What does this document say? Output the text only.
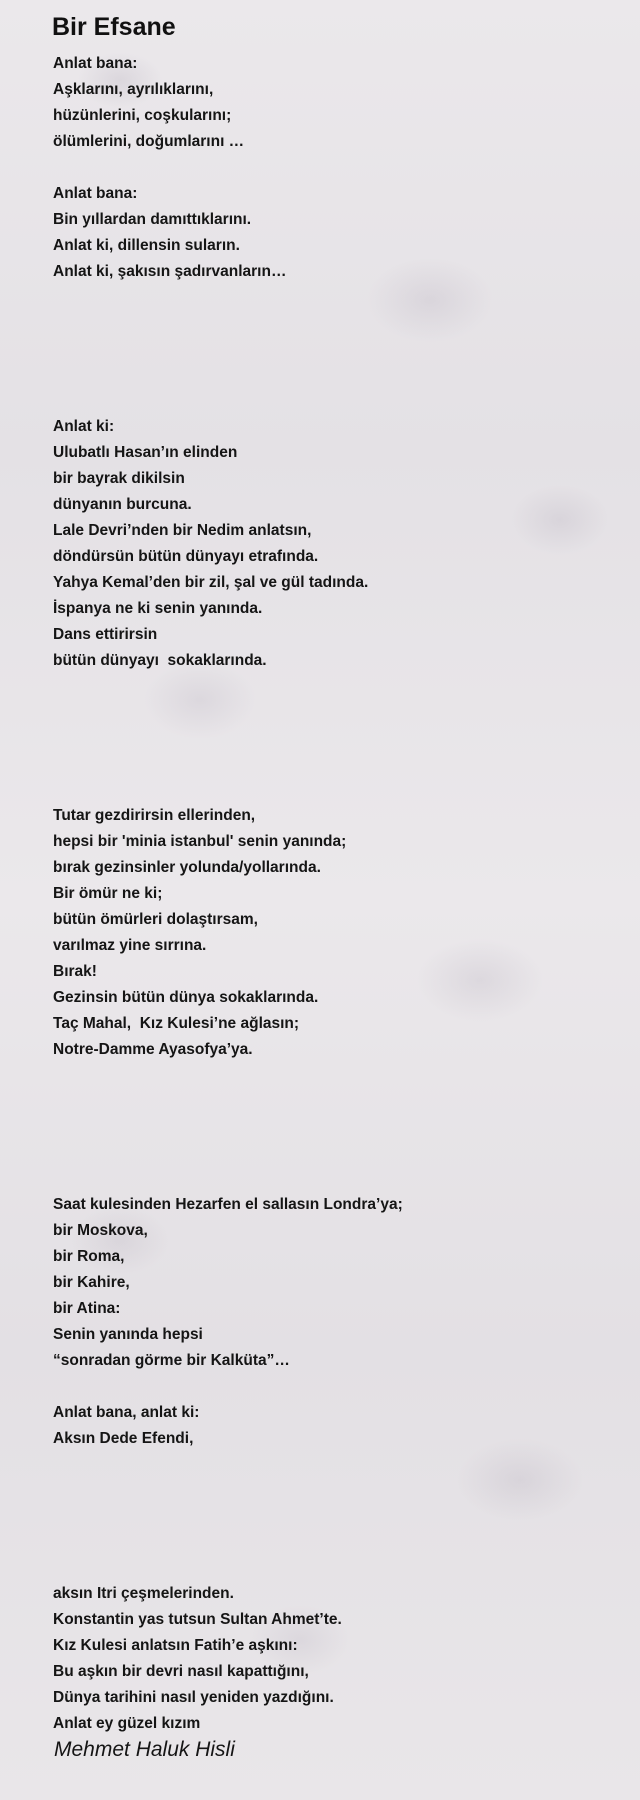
Bir Efsane
Anlat bana:
Aşklarını, ayrılıklarını,
hüzünlerini, coşkularını;
ölümlerini, doğumlarını …
Anlat bana:
Bin yıllardan damıttıklarını.
Anlat ki, dillensin suların.
Anlat ki, şakısın şadırvanların…
Anlat ki:
Ulubatlı Hasan’ın elinden
bir bayrak dikilsin
dünyanın burcuna.
Lale Devri’nden bir Nedim anlatsın,
döndürsün bütün dünyayı etrafında.
Yahya Kemal’den bir zil, şal ve gül tadında.
İspanya ne ki senin yanında.
Dans ettirirsin
bütün dünyayı  sokaklarında.
Tutar gezdirirsin ellerinden,
hepsi bir 'minia istanbul' senin yanında;
bırak gezinsinler yolunda/yollarında.
Bir ömür ne ki;
bütün ömürleri dolaştırsam,
varılmaz yine sırrına.
Bırak!
Gezinsin bütün dünya sokaklarında.
Taç Mahal,  Kız Kulesi’ne ağlasın;
Notre-Damme Ayasofya’ya.
Saat kulesinden Hezarfen el sallasın Londra’ya;
bir Moskova,
bir Roma,
bir Kahire,
bir Atina:
Senin yanında hepsi
“sonradan görme bir Kalküta”…
Anlat bana, anlat ki:
Aksın Dede Efendi,
aksın Itri çeşmelerinden.
Konstantin yas tutsun Sultan Ahmet’te.
Kız Kulesi anlatsın Fatih’e aşkını:
Bu aşkın bir devri nasıl kapattığını,
Dünya tarihini nasıl yeniden yazdığını.
Anlat ey güzel kızım

Mehmet Haluk Hisli
